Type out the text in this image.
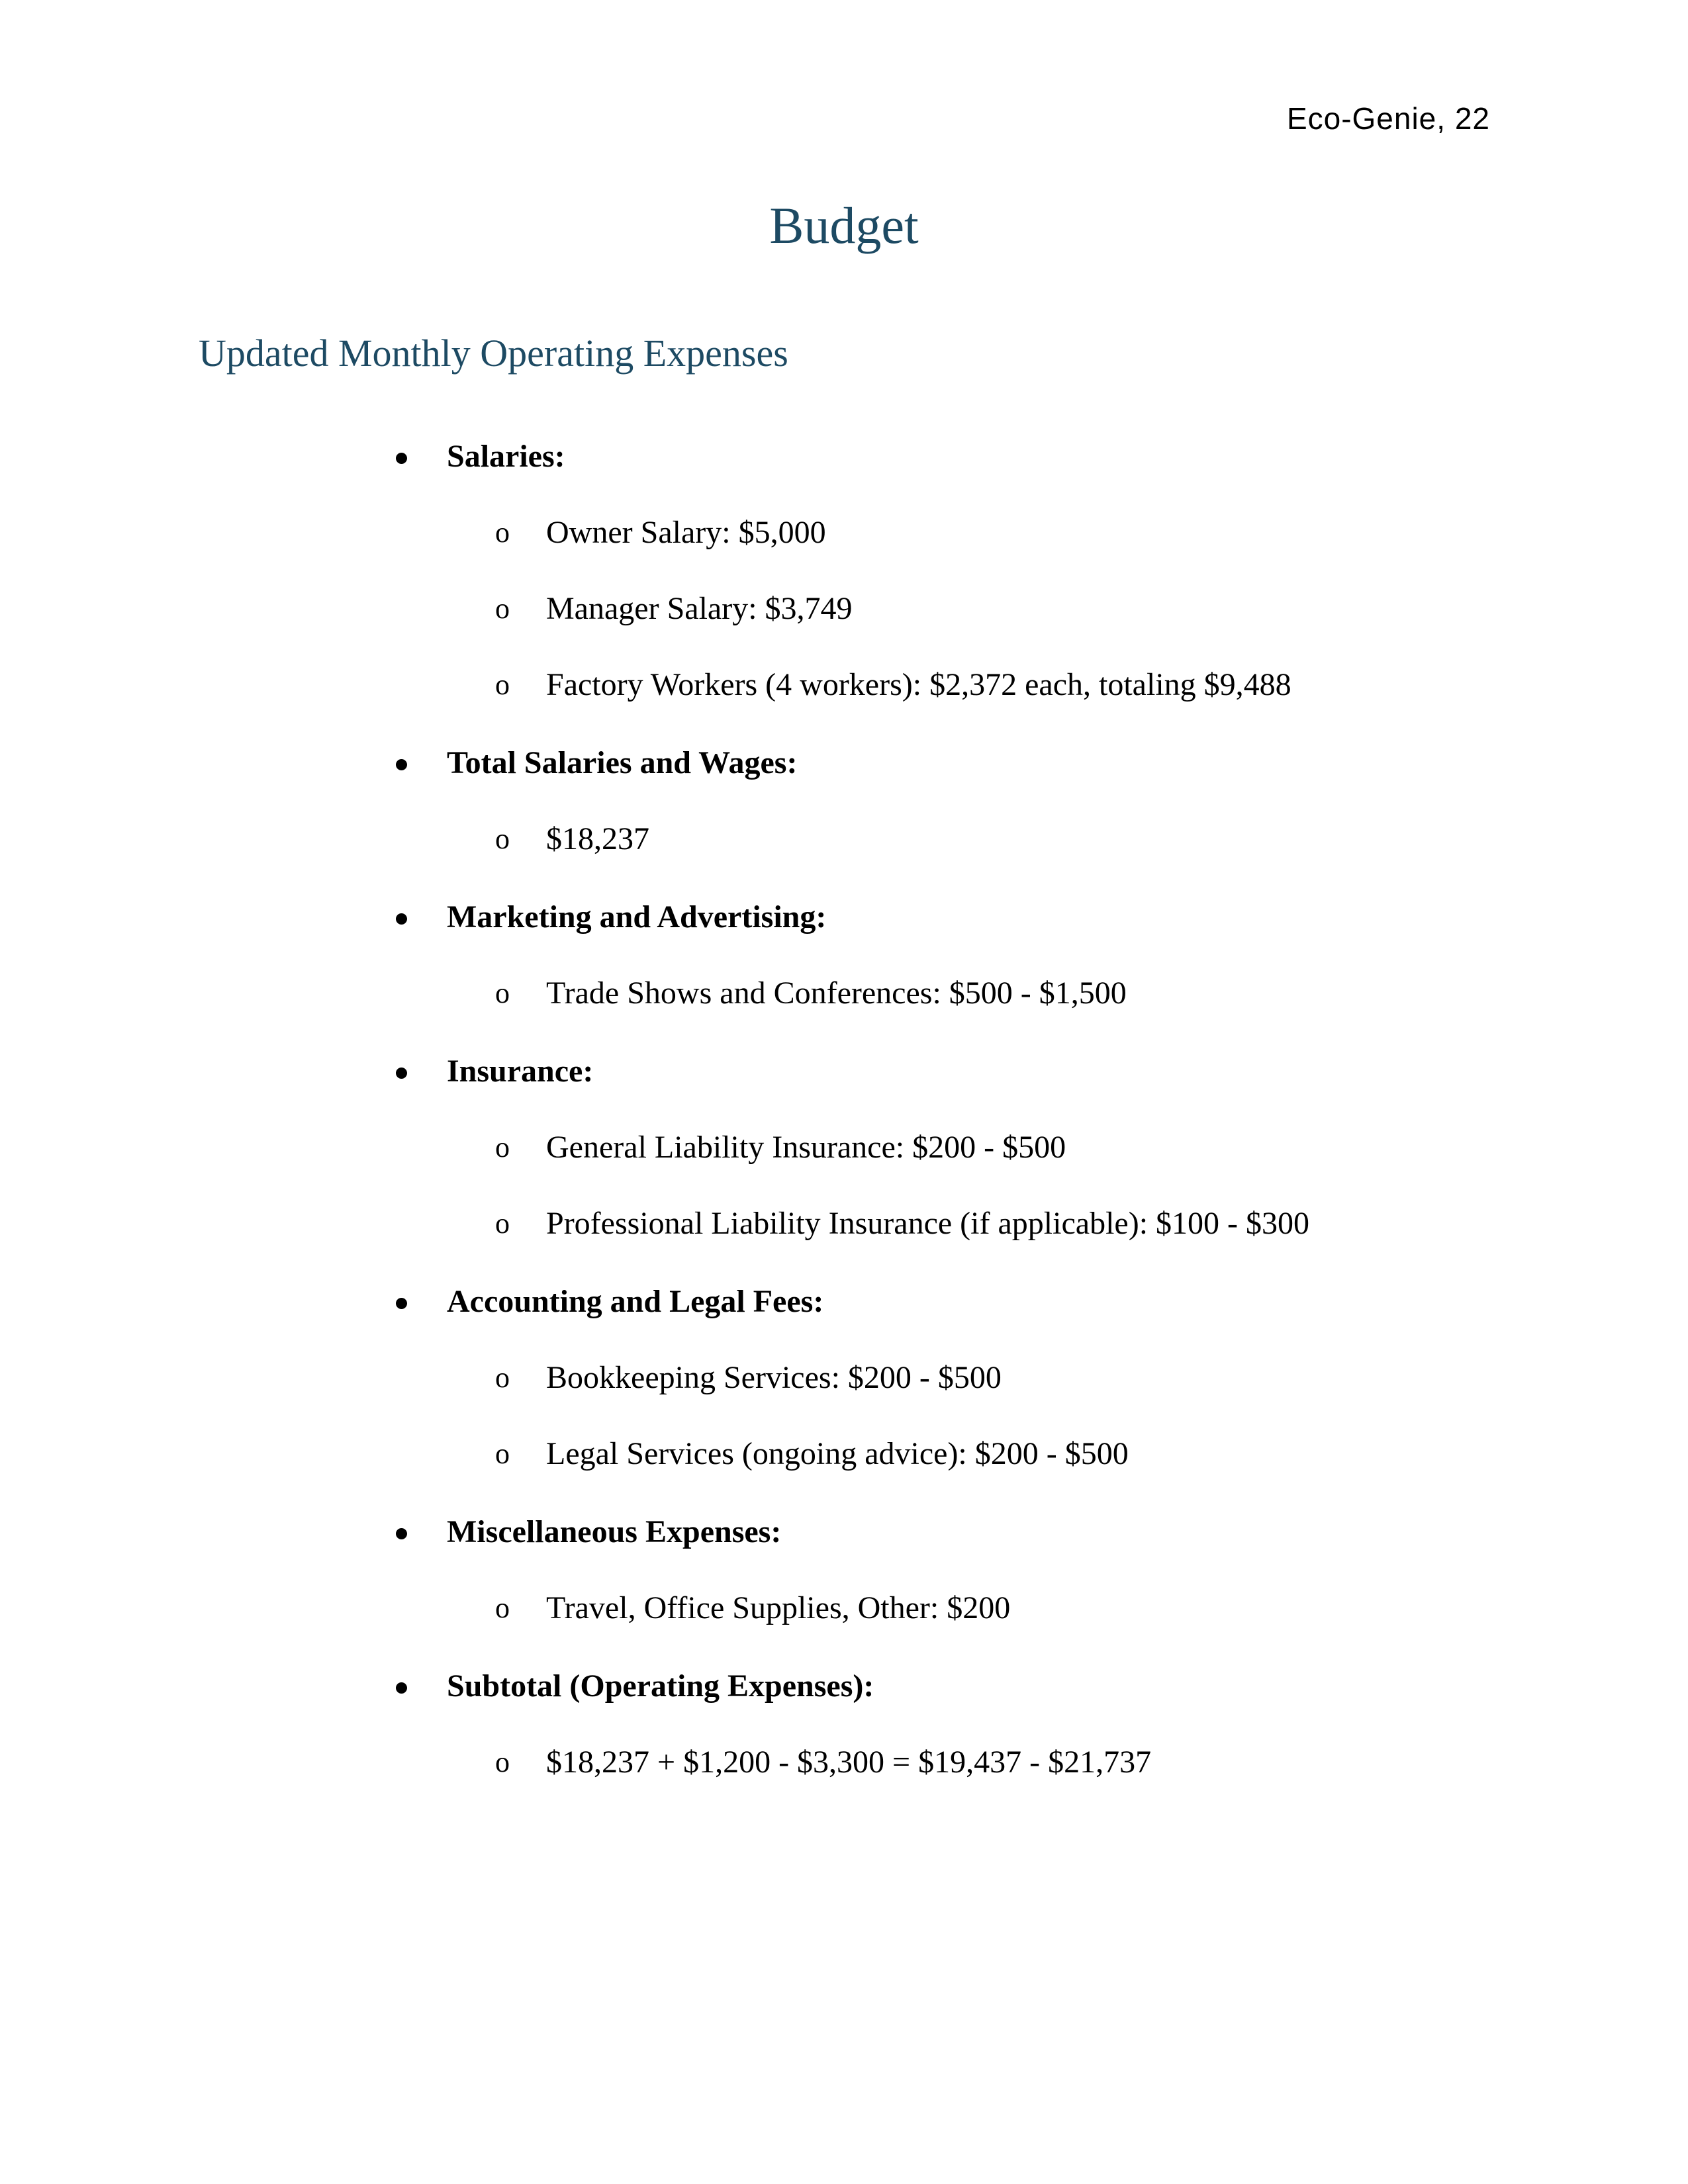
Eco-Genie, 22
Budget
Updated Monthly Operating Expenses
Salaries:
o Owner Salary: $5,000
o Manager Salary: $3,749
o Factory Workers (4 workers): $2,372 each, totaling $9,488
Total Salaries and Wages:
o $18,237
Marketing and Advertising:
o Trade Shows and Conferences: $500 - $1,500
Insurance:
o General Liability Insurance: $200 - $500
o Professional Liability Insurance (if applicable): $100 - $300
Accounting and Legal Fees:
o Bookkeeping Services: $200 - $500
o Legal Services (ongoing advice): $200 - $500
Miscellaneous Expenses:
o Travel, Office Supplies, Other: $200
Subtotal (Operating Expenses):
o $18,237 + $1,200 - $3,300 = $19,437 - $21,737
